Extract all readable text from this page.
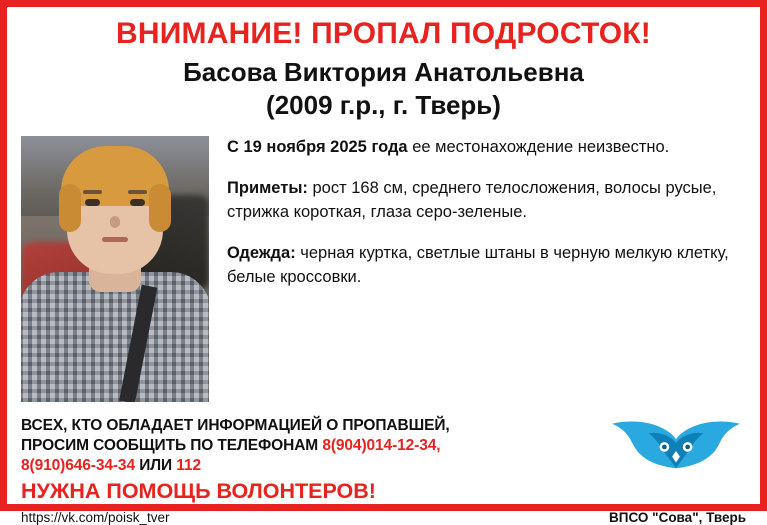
ВНИМАНИЕ! ПРОПАЛ ПОДРОСТОК!
Басова Виктория Анатольевна
(2009 г.р., г. Тверь)

С 19 ноября 2025 года ее местонахождение неизвестно.

Приметы: рост 168 см, среднего телосложения, волосы русые, стрижка короткая, глаза серо-зеленые.

Одежда: черная куртка, светлые штаны в черную мелкую клетку, белые кроссовки.

ВСЕХ, КТО ОБЛАДАЕТ ИНФОРМАЦИЕЙ О ПРОПАВШЕЙ,
ПРОСИМ СООБЩИТЬ ПО ТЕЛЕФОНАМ 8(904)014-12-34,
8(910)646-34-34 ИЛИ 112
НУЖНА ПОМОЩЬ ВОЛОНТЕРОВ!
https://vk.com/poisk_tver	ВПСО "Сова", Тверь
